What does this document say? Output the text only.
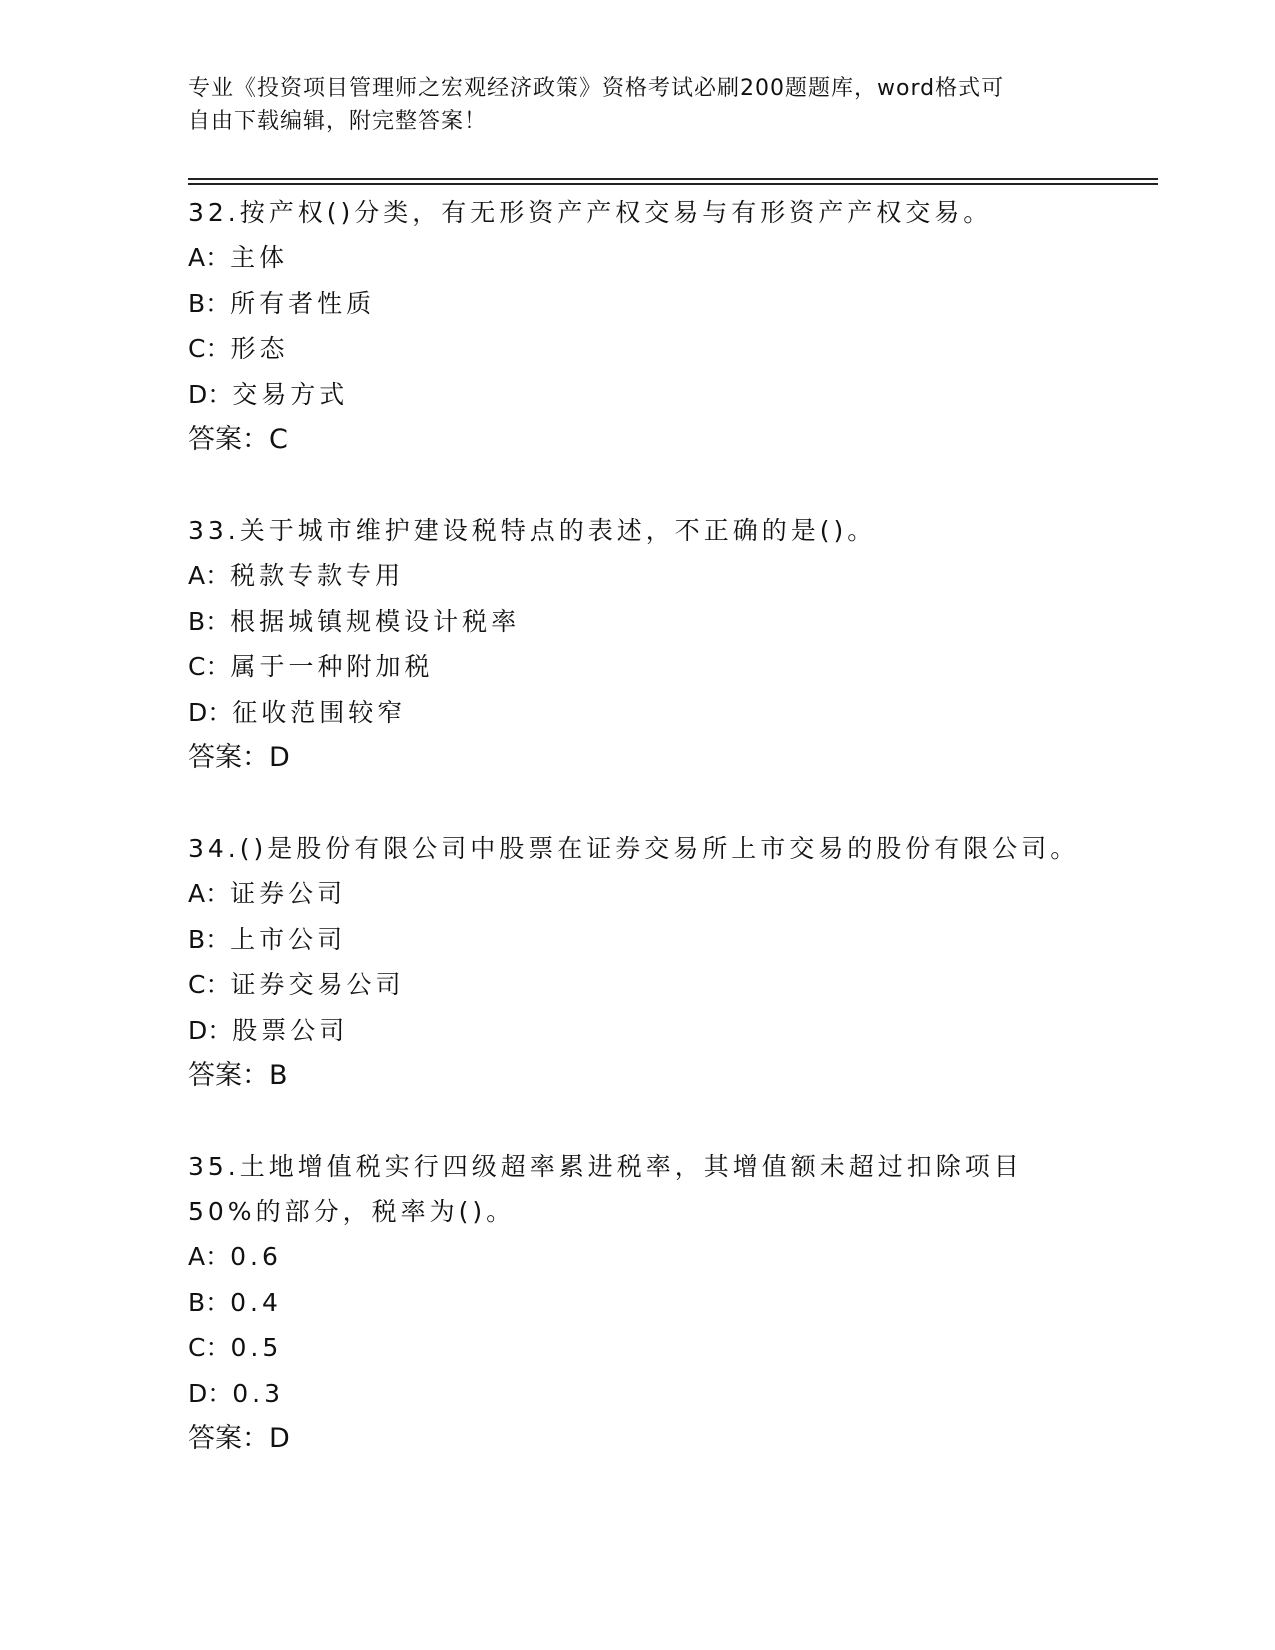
专业《投资项目管理师之宏观经济政策》资格考试必刷200题题库，word格式可
自由下载编辑，附完整答案！
32.按产权()分类，有无形资产产权交易与有形资产产权交易。
A：主体
B：所有者性质
C：形态
D：交易方式
答案：C
33.关于城市维护建设税特点的表述，不正确的是()。
A：税款专款专用
B：根据城镇规模设计税率
C：属于一种附加税
D：征收范围较窄
答案：D
34.()是股份有限公司中股票在证券交易所上市交易的股份有限公司。
A：证券公司
B：上市公司
C：证券交易公司
D：股票公司
答案：B
35.土地增值税实行四级超率累进税率，其增值额未超过扣除项目50%的部分，税率为()。
A：0.6
B：0.4
C：0.5
D：0.3
答案：D
